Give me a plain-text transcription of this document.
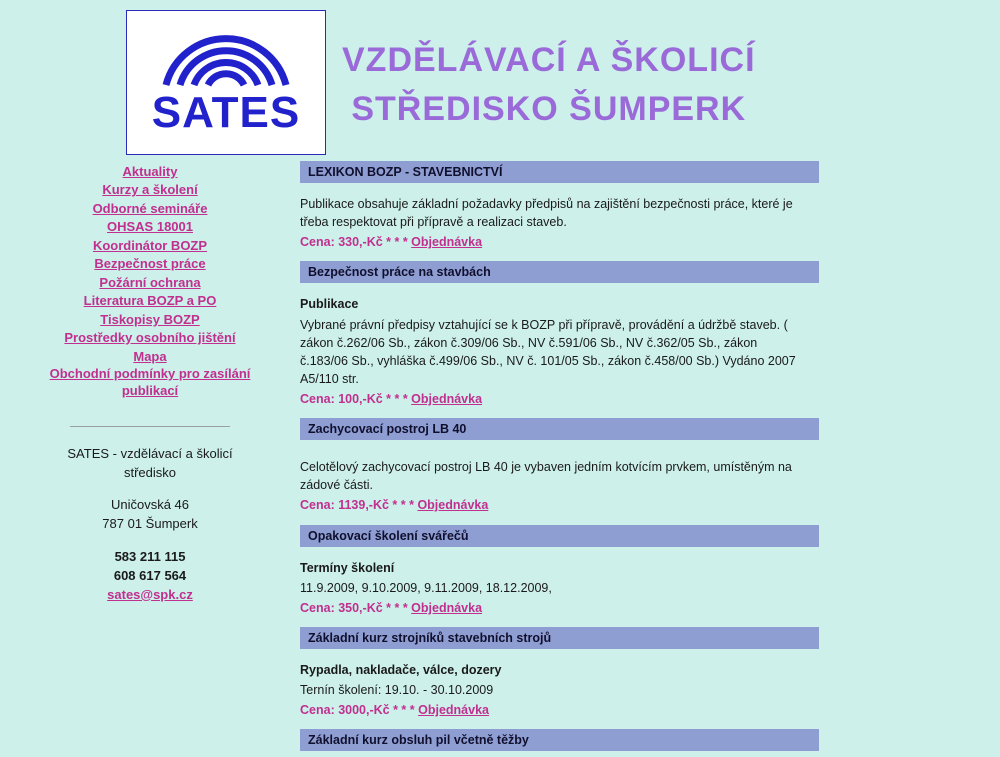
SATES
VZDĚLÁVACÍ A ŠKOLICÍ
STŘEDISKO ŠUMPERK
Aktuality
Kurzy a školení
Odborné semináře
OHSAS 18001
Koordinátor BOZP
Bezpečnost práce
Požární ochrana
Literatura BOZP a PO
Tiskopisy BOZP
Prostředky osobního jištění
Mapa
Obchodní podmínky pro zasílání publikací
SATES - vzdělávací a školicí
středisko
Uničovská 46
787 01 Šumperk
583 211 115
608 617 564
sates@spk.cz
LEXIKON BOZP - STAVEBNICTVÍ

Publikace obsahuje základní požadavky předpisů na zajištění bezpečnosti práce, které je třeba respektovat při přípravě a realizaci staveb.

Cena: 330,-Kč * * * Objednávka

Bezpečnost práce na stavbách

Publikace

Vybrané právní předpisy vztahující se k BOZP při přípravě, provádění a údržbě staveb. ( zákon č.262/06 Sb., zákon č.309/06 Sb., NV č.591/06 Sb., NV č.362/05 Sb., zákon č.183/06 Sb., vyhláška č.499/06 Sb., NV č. 101/05 Sb., zákon č.458/00 Sb.) Vydáno 2007 A5/110 str.

Cena: 100,-Kč * * * Objednávka

Zachycovací postroj LB 40

Celotělový zachycovací postroj LB 40 je vybaven jedním kotvícím prvkem, umístěným na zádové části.

Cena: 1139,-Kč * * * Objednávka

Opakovací školení svářečů

Termíny školení

11.9.2009, 9.10.2009, 9.11.2009, 18.12.2009,

Cena: 350,-Kč * * * Objednávka

Základní kurz strojníků stavebních strojů

Rypadla, nakladače, válce, dozery

Ternín školení: 19.10. - 30.10.2009

Cena: 3000,-Kč * * * Objednávka

Základní kurz obsluh pil včetně těžby
